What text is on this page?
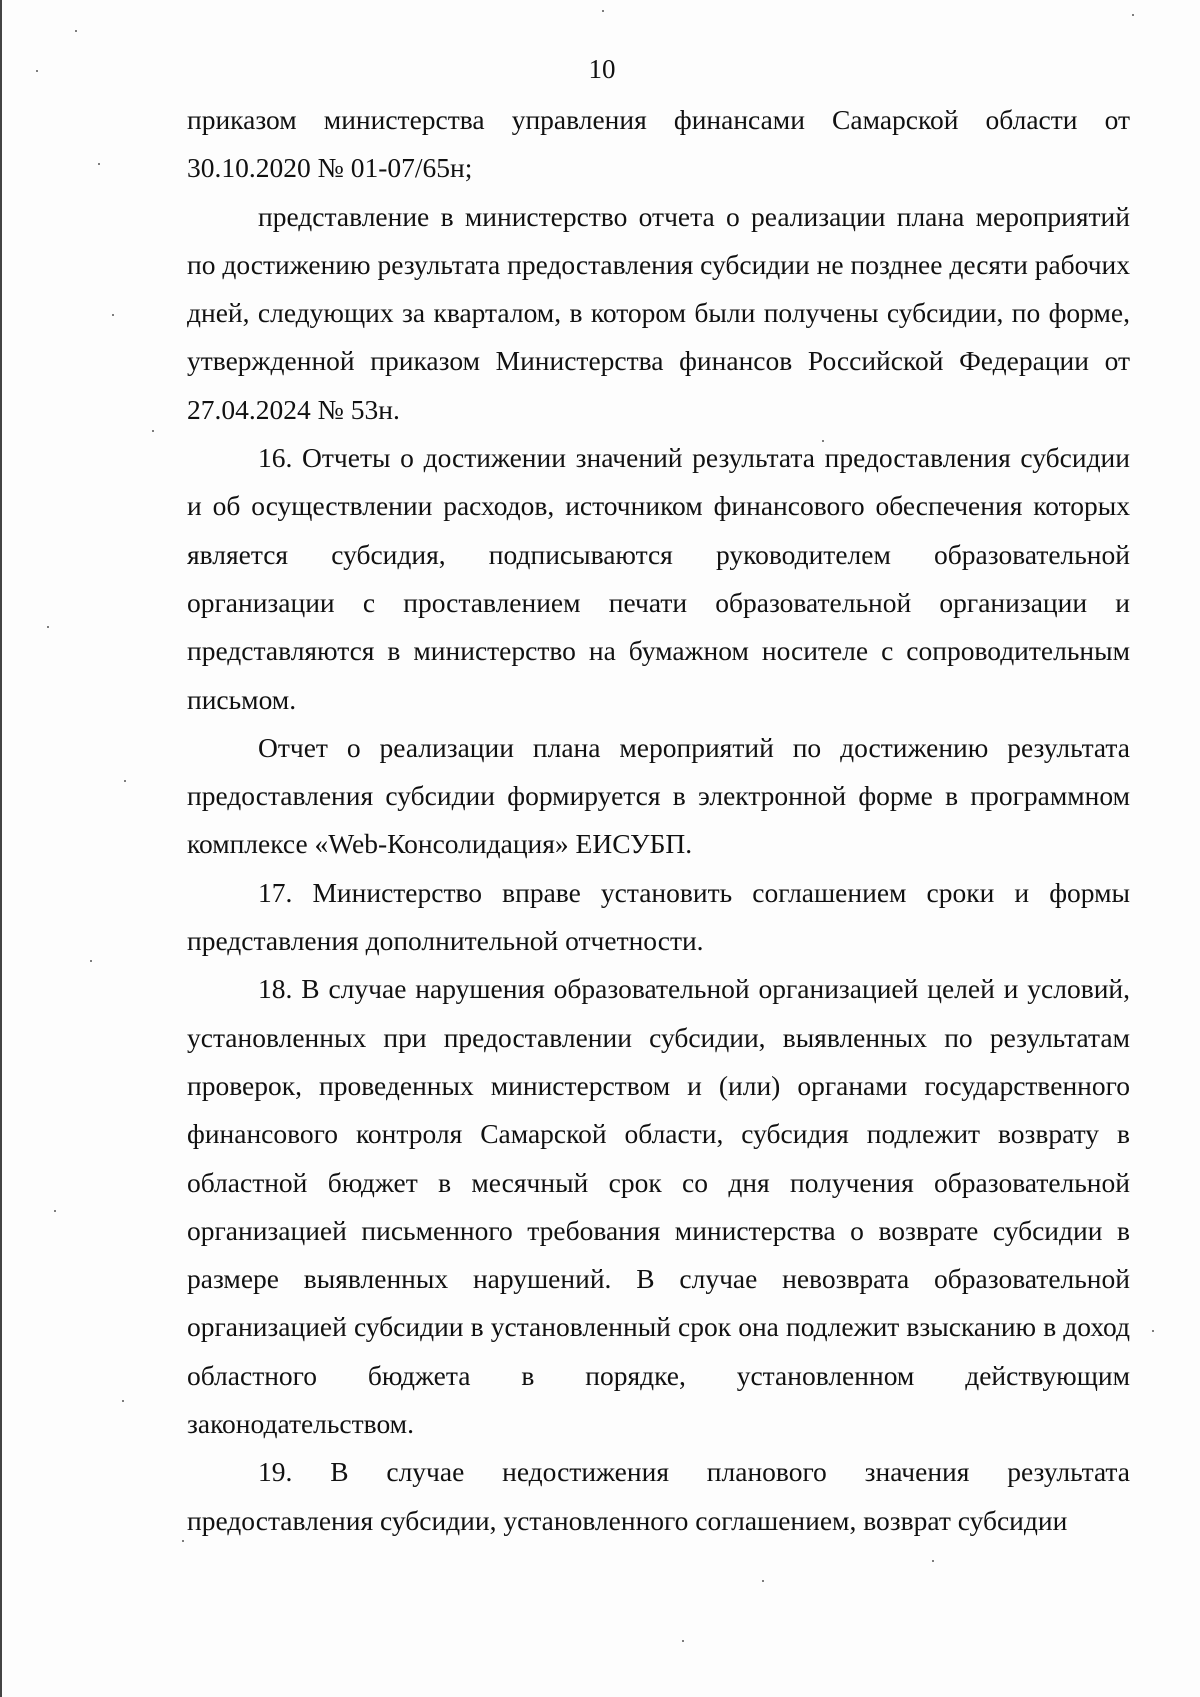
10

приказом министерства управления финансами Самарской области от 30.10.2020 № 01-07/65н;

представление в министерство отчета о реализации плана мероприятий по достижению результата предоставления субсидии не позднее десяти рабочих дней, следующих за кварталом, в котором были получены субсидии, по форме, утвержденной приказом Министерства финансов Российской Федерации от 27.04.2024 № 53н.

16. Отчеты о достижении значений результата предоставления субсидии и об осуществлении расходов, источником финансового обеспечения которых является субсидия, подписываются руководителем образовательной организации с проставлением печати образовательной организации и представляются в министерство на бумажном носителе с сопроводительным письмом.

Отчет о реализации плана мероприятий по достижению результата предоставления субсидии формируется в электронной форме в программном комплексе «Web-Консолидация» ЕИСУБП.

17. Министерство вправе установить соглашением сроки и формы представления дополнительной отчетности.

18. В случае нарушения образовательной организацией целей и условий, установленных при предоставлении субсидии, выявленных по результатам проверок, проведенных министерством и (или) органами государственного финансового контроля Самарской области, субсидия подлежит возврату в областной бюджет в месячный срок со дня получения образовательной организацией письменного требования министерства о возврате субсидии в размере выявленных нарушений. В случае невозврата образовательной организацией субсидии в установленный срок она подлежит взысканию в доход областного бюджета в порядке, установленном действующим законодательством.

19. В случае недостижения планового значения результата предоставления субсидии, установленного соглашением, возврат субсидии
